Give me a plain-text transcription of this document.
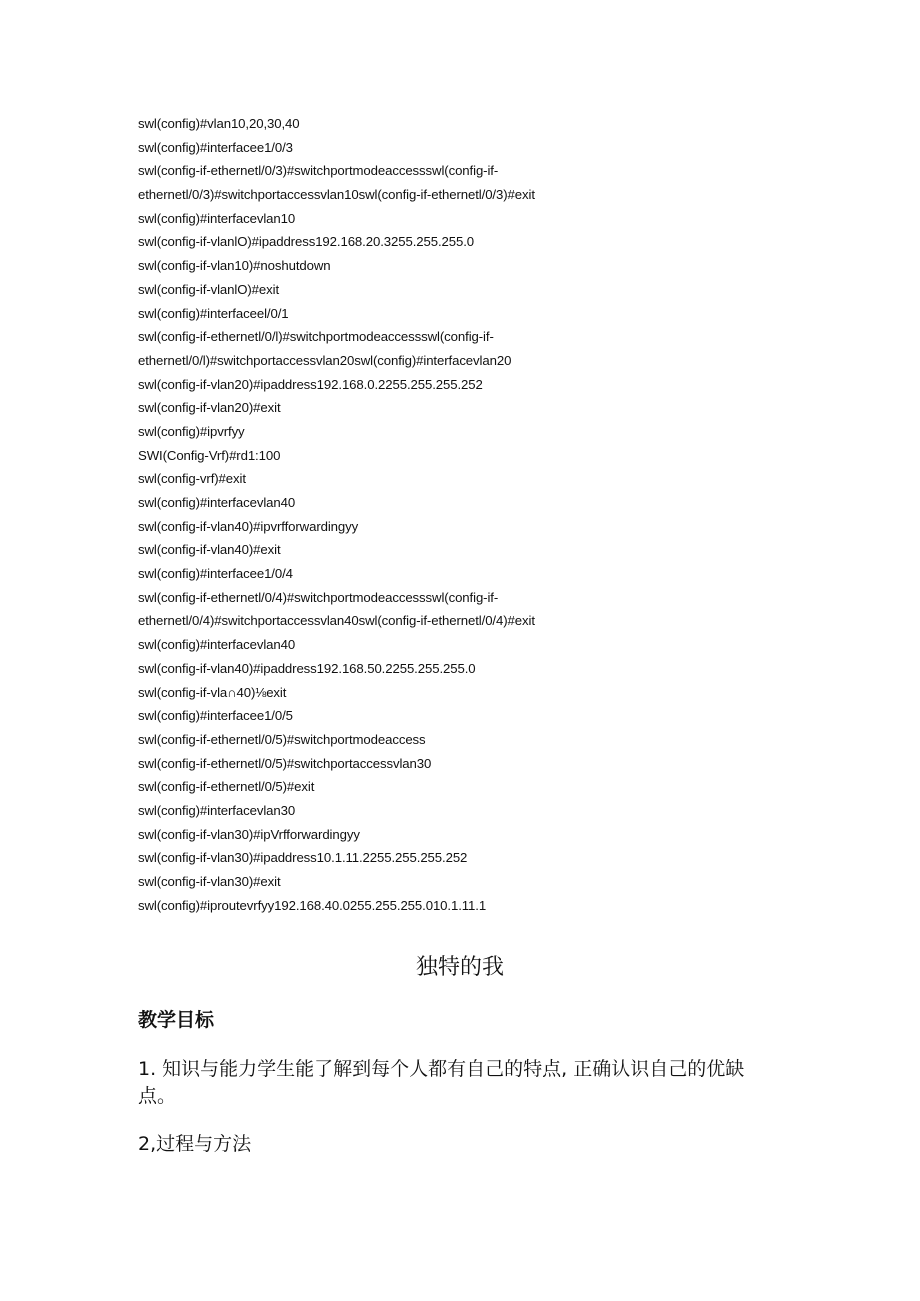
swl(config)#vlan10,20,30,40
swl(config)#interfacee1/0/3
swl(config-if-ethernetl/0/3)#switchportmodeaccessswl(config-if-
ethernetl/0/3)#switchportaccessvlan10swl(config-if-ethernetl/0/3)#exit
swl(config)#interfacevlan10
swl(config-if-vlanlO)#ipaddress192.168.20.3255.255.255.0
swl(config-if-vlan10)#noshutdown
swl(config-if-vlanlO)#exit
swl(config)#interfaceel/0/1
swl(config-if-ethernetl/0/l)#switchportmodeaccessswl(config-if-
ethernetl/0/l)#switchportaccessvlan20swl(config)#interfacevlan20
swl(config-if-vlan20)#ipaddress192.168.0.2255.255.255.252
swl(config-if-vlan20)#exit
swl(config)#ipvrfyy
SWI(Config-Vrf)#rd1:100
swl(config-vrf)#exit
swl(config)#interfacevlan40
swl(config-if-vlan40)#ipvrfforwardingyy
swl(config-if-vlan40)#exit
swl(config)#interfacee1/0/4
swl(config-if-ethernetl/0/4)#switchportmodeaccessswl(config-if-
ethernetl/0/4)#switchportaccessvlan40swl(config-if-ethernetl/0/4)#exit
swl(config)#interfacevlan40
swl(config-if-vlan40)#ipaddress192.168.50.2255.255.255.0
swl(config-if-vla∩40)⅛exit
swl(config)#interfacee1/0/5
swl(config-if-ethernetl/0/5)#switchportmodeaccess
swl(config-if-ethernetl/0/5)#switchportaccessvlan30
swl(config-if-ethernetl/0/5)#exit
swl(config)#interfacevlan30
swl(config-if-vlan30)#ipVrfforwardingyy
swl(config-if-vlan30)#ipaddress10.1.11.2255.255.255.252
swl(config-if-vlan30)#exit
swl(config)#iproutevrfyy192.168.40.0255.255.255.010.1.11.1
独特的我
教学目标
1. 知识与能力学生能了解到每个人都有自己的特点, 正确认识自己的优缺点。
2,过程与方法
